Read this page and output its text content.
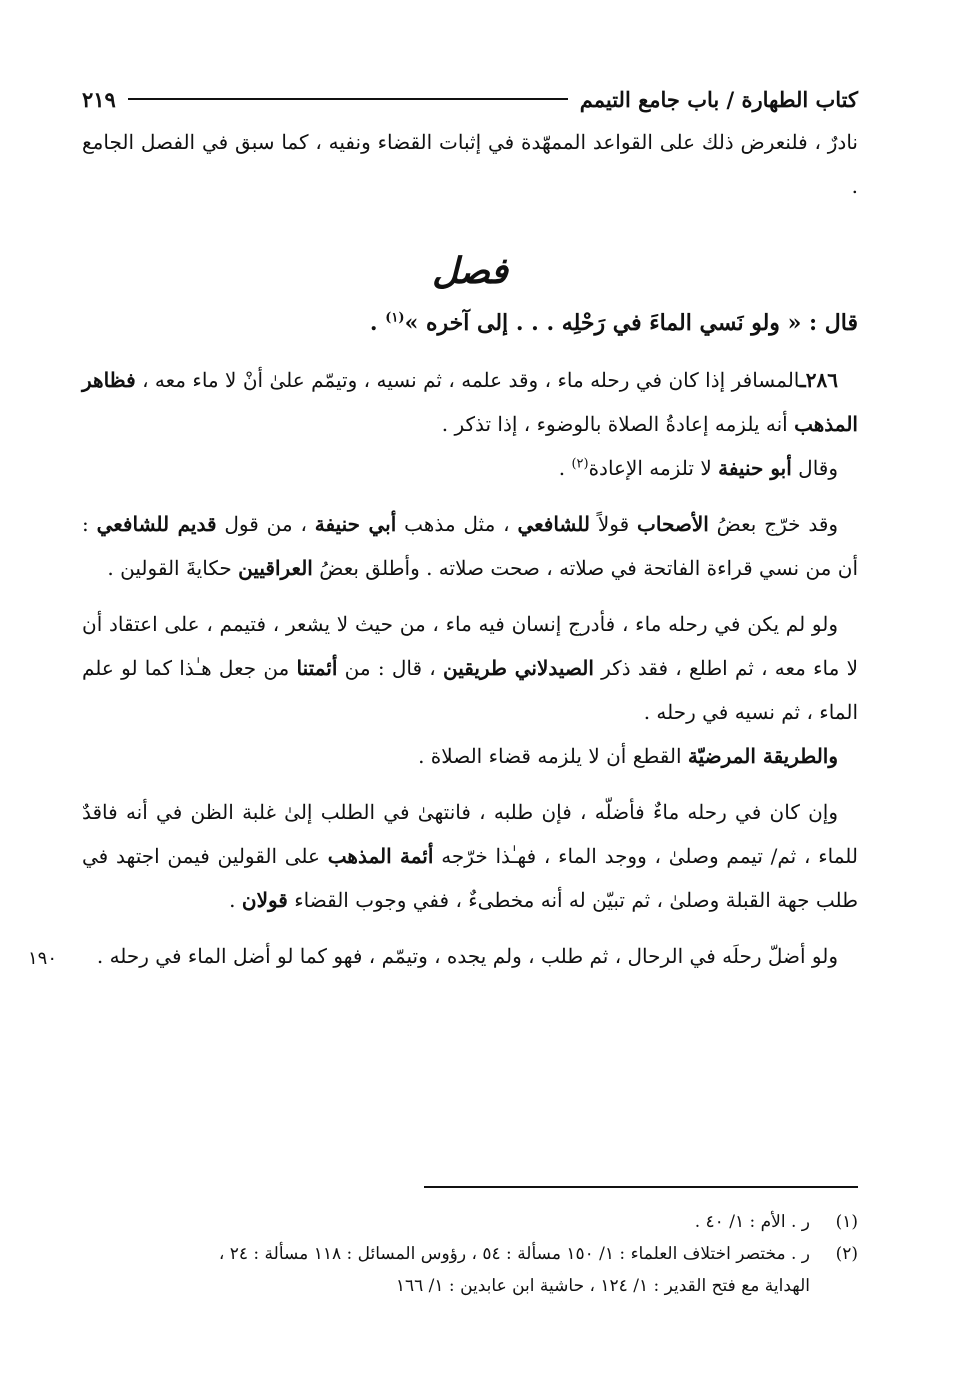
كتاب الطهارة / باب جامع التيمم
٢١٩

نادرٌ ، فلنعرض ذلك على القواعد الممهّدة في إثبات القضاء ونفيه ، كما سبق في الفصل الجامع .

فصل

قال : « ولو نَسي الماءَ في رَحْلِه . . . إلى آخره »$^{(١)}$ .

٢٨٦ـالمسافر إذا كان في رحله ماء ، وقد علمه ، ثم نسيه ، وتيمّم علىٰ أنْ لا ماء معه ، فظاهر المذهب أنه يلزمه إعادةُ الصلاة بالوضوء ، إذا تذكر .

وقال أبو حنيفة لا تلزمه الإعادة$^{(٢)}$ .

وقد خرّج بعضُ الأصحاب قولاً للشافعي ، مثل مذهب أبي حنيفة ، من قول قديم للشافعي : أن من نسي قراءة الفاتحة في صلاته ، صحت صلاته . وأطلق بعضُ العراقيين حكايةَ القولين .

ولو لم يكن في رحله ماء ، فأدرج إنسان فيه ماء ، من حيث لا يشعر ، فتيمم ، على اعتقاد أن لا ماء معه ، ثم اطلع ، فقد ذكر الصيدلاني طريقين ، قال : من أئمتنا من جعل هـٰذا كما لو علم الماء ، ثم نسيه في رحله .

والطريقة المرضيّة القطع أن لا يلزمه قضاء الصلاة .

وإن كان في رحله ماءٌ فأضلّه ، فإن طلبه ، فانتهىٰ في الطلب إلىٰ غلبة الظن في أنه فاقدٌ للماء ، ثم/ تيمم وصلىٰ ، ووجد الماء ، فهـٰذا خرّجه أئمة المذهب على القولين فيمن اجتهد في طلب جهة القبلة وصلىٰ ، ثم تبيّن له أنه مخطىءٌ ، ففي وجوب القضاء قولان .

ولو أضلّ رحلَه في الرحال ، ثم طلب ، ولم يجده ، وتيمّم ، فهو كما لو أضل الماء في رحله .

١٩٠
(١)
ر . الأم : ١/ ٤٠ .
(٢)
ر . مختصر اختلاف العلماء : ١/ ١٥٠ مسألة : ٥٤ ، رؤوس المسائل : ١١٨ مسألة : ٢٤ ،
الهداية مع فتح القدير : ١/ ١٢٤ ، حاشية ابن عابدين : ١/ ١٦٦
